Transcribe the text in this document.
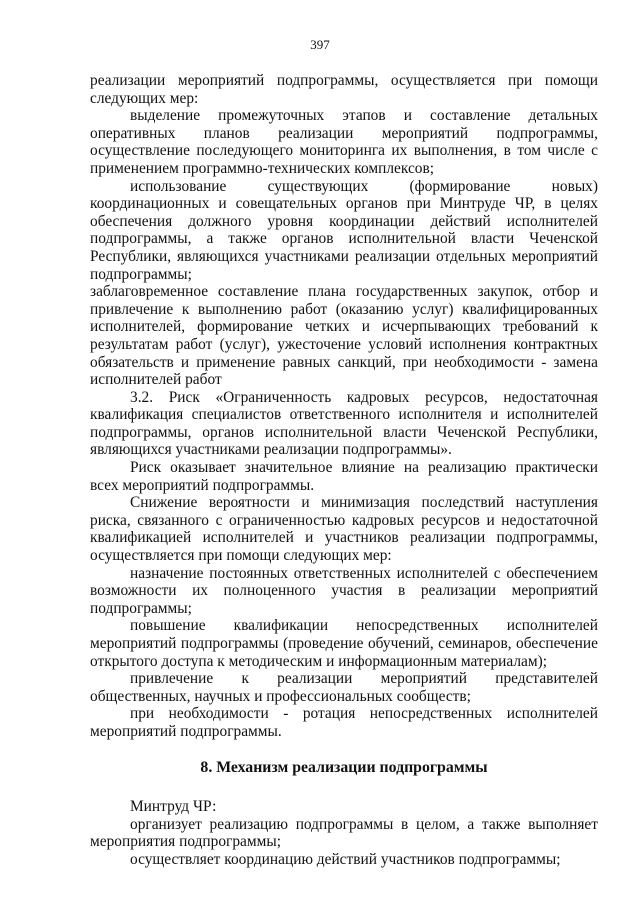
397

реализации мероприятий подпрограммы, осуществляется при помощи следующих мер:

выделение промежуточных этапов и составление детальных оперативных планов реализации мероприятий подпрограммы, осуществление последующего мониторинга их выполнения, в том числе с применением программно-технических комплексов;

использование существующих (формирование новых) координационных и совещательных органов при Минтруде ЧР, в целях обеспечения должного уровня координации действий исполнителей подпрограммы, а также органов исполнительной власти Чеченской Республики, являющихся участниками реализации отдельных мероприятий подпрограммы;

заблаговременное составление плана государственных закупок, отбор и привлечение к выполнению работ (оказанию услуг) квалифицированных исполнителей, формирование четких и исчерпывающих требований к результатам работ (услуг), ужесточение условий исполнения контрактных обязательств и применение равных санкций, при необходимости - замена исполнителей работ

3.2. Риск «Ограниченность кадровых ресурсов, недостаточная квалификация специалистов ответственного исполнителя и исполнителей подпрограммы, органов исполнительной власти Чеченской Республики, являющихся участниками реализации подпрограммы».

Риск оказывает значительное влияние на реализацию практически всех мероприятий подпрограммы.

Снижение вероятности и минимизация последствий наступления риска, связанного с ограниченностью кадровых ресурсов и недостаточной квалификацией исполнителей и участников реализации подпрограммы, осуществляется при помощи следующих мер:

назначение постоянных ответственных исполнителей с обеспечением возможности их полноценного участия в реализации мероприятий подпрограммы;

повышение квалификации непосредственных исполнителей мероприятий подпрограммы (проведение обучений, семинаров, обеспечение открытого доступа к методическим и информационным материалам);

привлечение к реализации мероприятий представителей общественных, научных и профессиональных сообществ;

при необходимости - ротация непосредственных исполнителей мероприятий подпрограммы.

8. Механизм реализации подпрограммы

Минтруд ЧР:

организует реализацию подпрограммы в целом, а также выполняет мероприятия подпрограммы;

осуществляет координацию действий участников подпрограммы;
